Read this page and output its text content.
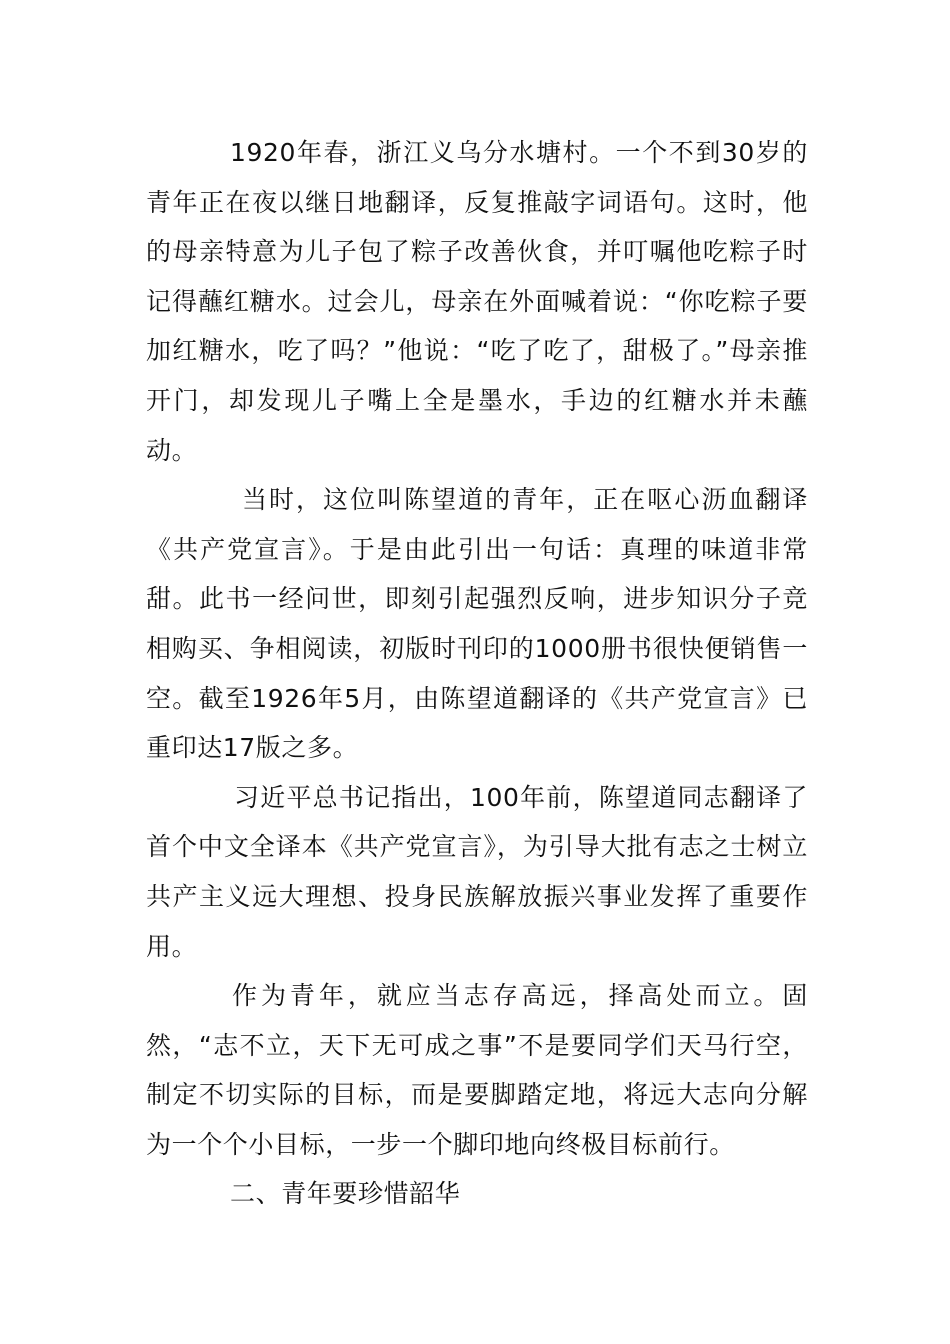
1920年春，浙江义乌分水塘村。一个不到30岁的青年正在夜以继日地翻译，反复推敲字词语句。这时，他的母亲特意为儿子包了粽子改善伙食，并叮嘱他吃粽子时记得蘸红糖水。过会儿，母亲在外面喊着说：“你吃粽子要加红糖水，吃了吗？”他说：“吃了吃了，甜极了。”母亲推开门，却发现儿子嘴上全是墨水，手边的红糖水并未蘸动。

当时，这位叫陈望道的青年，正在呕心沥血翻译《共产党宣言》。于是由此引出一句话：真理的味道非常甜。此书一经问世，即刻引起强烈反响，进步知识分子竞相购买、争相阅读，初版时刊印的1000册书很快便销售一空。截至1926年5月，由陈望道翻译的《共产党宣言》已重印达17版之多。

习近平总书记指出，100年前，陈望道同志翻译了首个中文全译本《共产党宣言》，为引导大批有志之士树立共产主义远大理想、投身民族解放振兴事业发挥了重要作用。

作为青年，就应当志存高远，择高处而立。固然，“志不立，天下无可成之事”不是要同学们天马行空，制定不切实际的目标，而是要脚踏定地，将远大志向分解为一个个小目标，一步一个脚印地向终极目标前行。

二、青年要珍惜韶华
